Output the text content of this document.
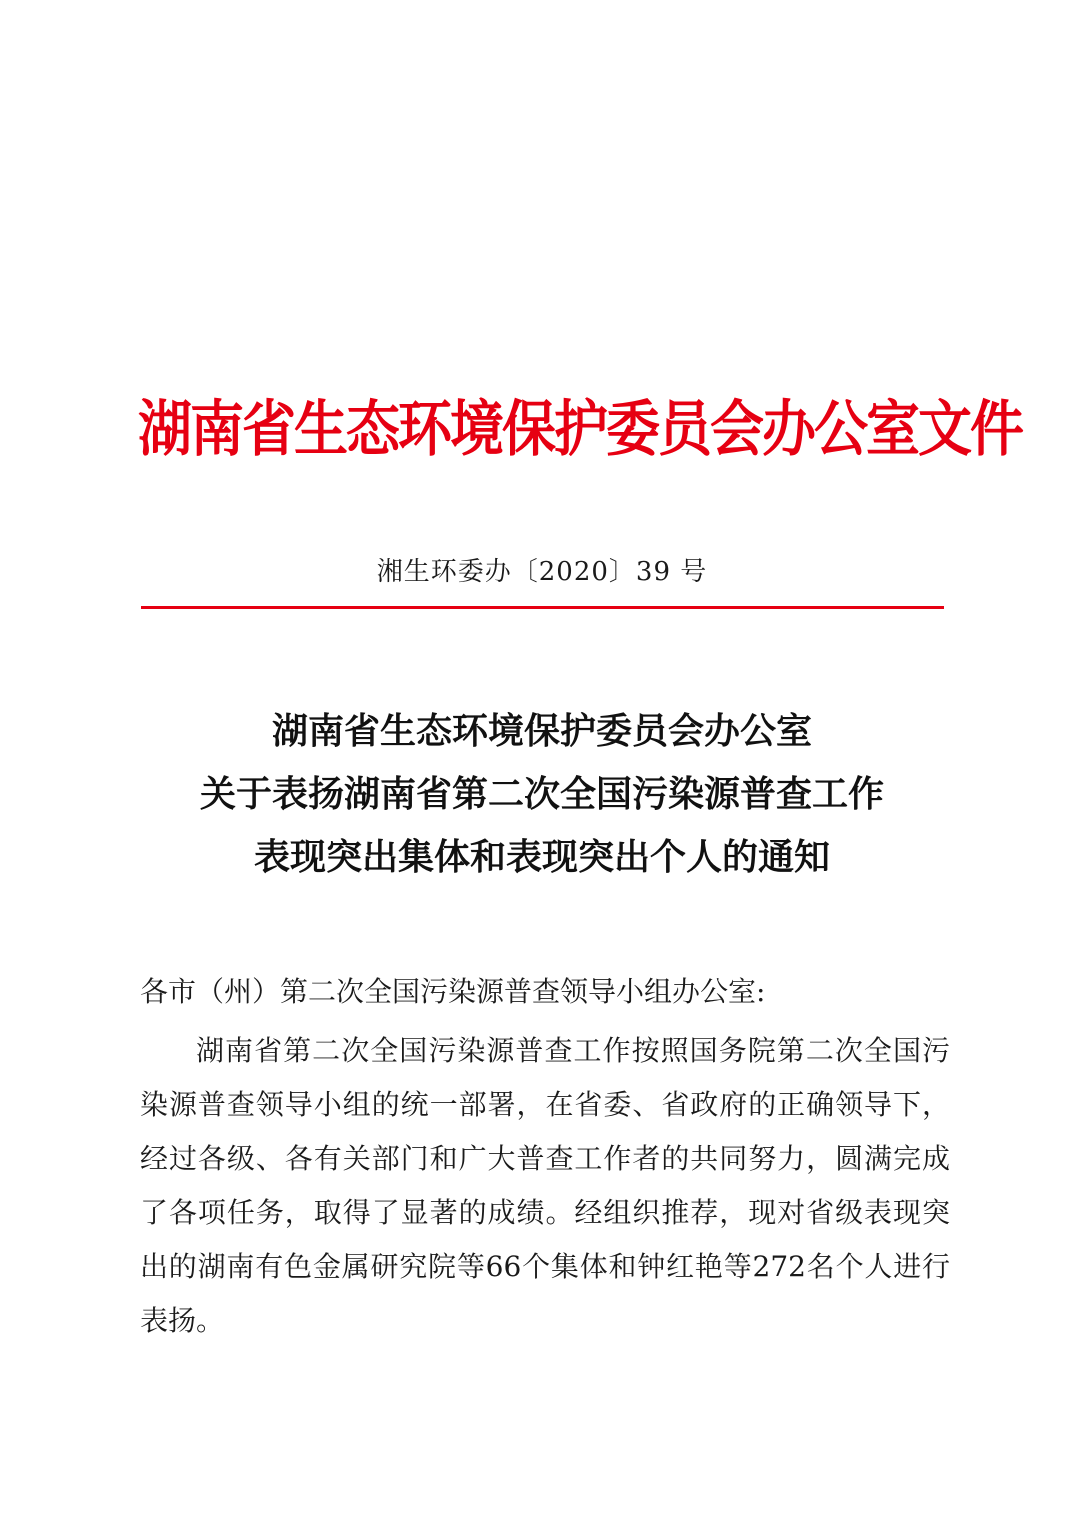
湖南省生态环境保护委员会办公室文件
湘生环委办〔2020〕39 号
湖南省生态环境保护委员会办公室
关于表扬湖南省第二次全国污染源普查工作
表现突出集体和表现突出个人的通知
各市（州）第二次全国污染源普查领导小组办公室:
湖南省第二次全国污染源普查工作按照国务院第二次全国污
染源普查领导小组的统一部署，在省委、省政府的正确领导下，
经过各级、各有关部门和广大普查工作者的共同努力，圆满完成
了各项任务，取得了显著的成绩。经组织推荐，现对省级表现突
出的湖南有色金属研究院等66个集体和钟红艳等272名个人进行
表扬。
